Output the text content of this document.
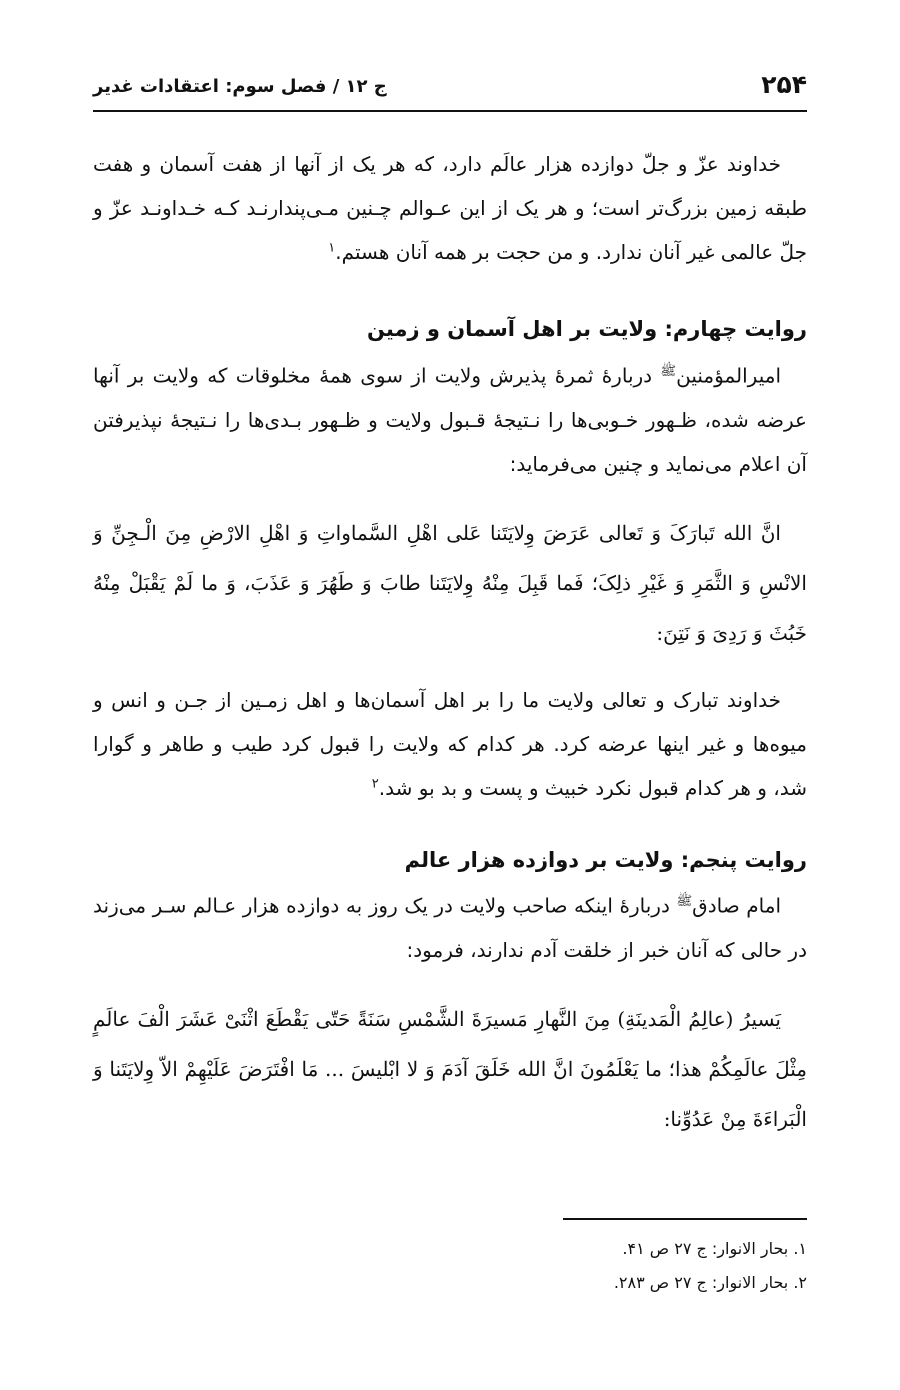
۲۵۴
ج ۱۲ / فصل سوم: اعتقادات غدیر

خداوند عزّ و جلّ دوازده هزار عالَم دارد، که هر یک از آنها از هفت آسمان و هفت طبقه زمین بزرگ‌تر است؛ و هر یک از این عـوالم چـنین مـی‌پندارنـد کـه خـداونـد عزّ و جلّ عالمی غیر آنان ندارد. و من حجت بر همه آنان هستم.$^۱$

روایت چهارم: ولایت بر اهل آسمان و زمین

امیرالمؤمنین$^ﷺ$ دربارهٔ ثمرهٔ پذیرش ولایت از سوی همهٔ مخلوقات که ولایت بر آنها عرضه شده، ظـهور خـوبی‌ها را نـتیجهٔ قـبول ولایت و ظـهور بـدی‌ها را نـتیجهٔ نپذیرفتن آن اعلام می‌نماید و چنین می‌فرماید:

انَّ الله تَبارَکَ وَ تَعالی عَرَضَ وِلایَتَنا عَلی اهْلِ السَّماواتِ وَ اهْلِ الارْضِ مِنَ الْـجِنِّ وَ الانْسِ وَ الثَّمَرِ وَ غَیْرِ ذلِکَ؛ فَما قَبِلَ مِنْهُ وِلایَتَنا طابَ وَ طَهُرَ وَ عَذَبَ، وَ ما لَمْ یَقْبَلْ مِنْهُ خَبُثَ وَ رَدِیَ وَ نَتِنَ:

خداوند تبارک و تعالی ولایت ما را بر اهل آسمان‌ها و اهل زمـین از جـن و انس و میوه‌ها و غیر اینها عرضه کرد. هر کدام که ولایت را قبول کرد طیب و طاهر و گوارا شد، و هر کدام قبول نکرد خبیث و پست و بد بو شد.$^۲$

روایت پنجم: ولایت بر دوازده هزار عالم

امام صادق$^ﷺ$ دربارهٔ اینکه صاحب ولایت در یک روز به دوازده هزار عـالم سـر می‌زند در حالی که آنان خبر از خلقت آدم ندارند، فرمود:

یَسیرُ (عالِمُ الْمَدینَةِ) مِنَ النَّهارِ مَسیرَةَ الشَّمْسِ سَنَةً حَتّی یَقْطَعَ اثْنَیْ عَشَرَ الْفَ عالَمٍ مِثْلَ عالَمِکُمْ هذا؛ ما یَعْلَمُونَ انَّ الله خَلَقَ آدَمَ وَ لا ابْلیسَ ... مَا افْتَرَضَ عَلَیْهِمْ الاّ وِلایَتَنا وَ الْبَراءَةَ مِنْ عَدُوِّنا:

۱. بحار الانوار: ج ۲۷ ص ۴۱.

۲. بحار الانوار: ج ۲۷ ص ۲۸۳.
